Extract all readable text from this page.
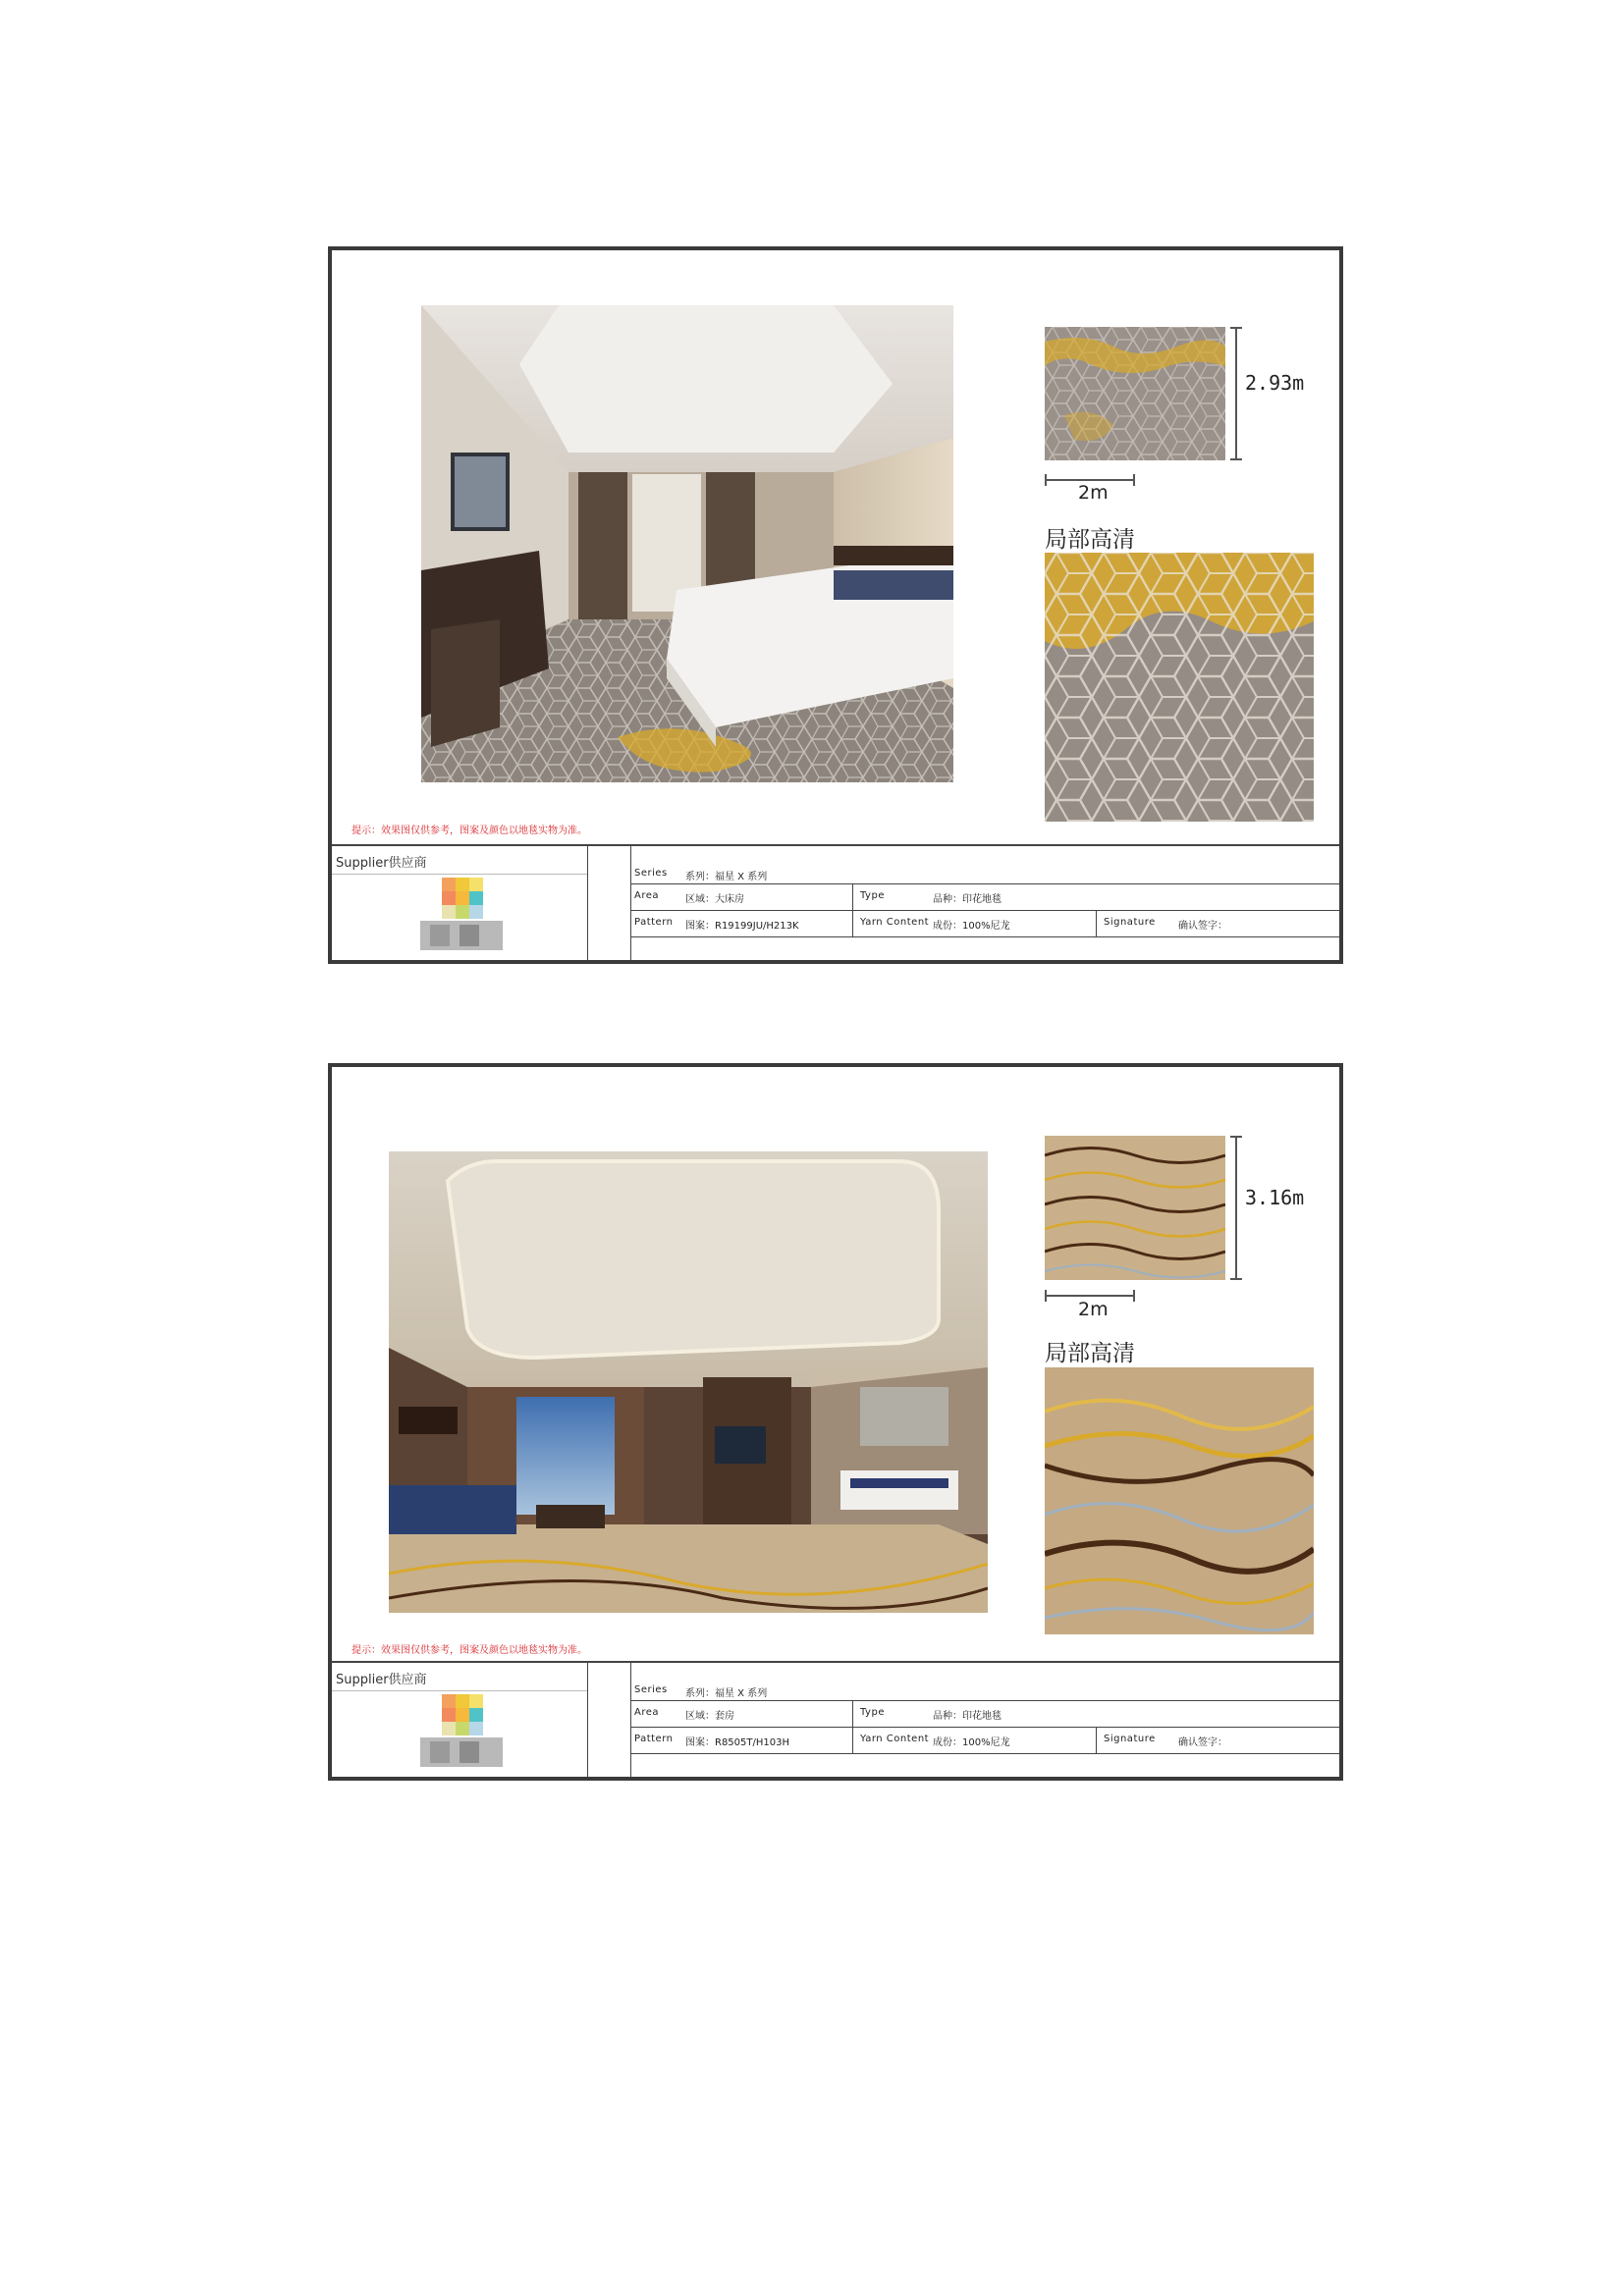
2.93m
2m
局部高清
提示：效果图仅供参考，图案及颜色以地毯实物为准。
Supplier供应商
Series 系列：福星 X 系列
Area	区域：大床房	Type	品种：印花地毯
Pattern 图案：R19199JU/H213K	Yarn Content 成份：100%尼龙	Signature 确认签字：
3.16m
2m
局部高清
提示：效果图仅供参考，图案及颜色以地毯实物为准。
Supplier供应商
Series 系列：福星 X 系列
Area	区域：套房	Type	品种：印花地毯
Pattern 图案：R8505T/H103H	Yarn Content 成份：100%尼龙	Signature 确认签字：
